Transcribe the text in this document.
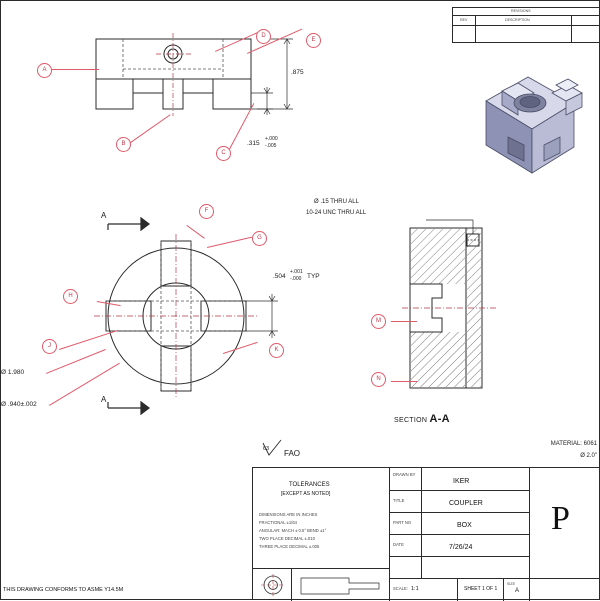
REVISIONS
REV	DESCRIPTION
.875
.315
+.000
-.005
A
B
C
D
E
A
A
.504
+.001
-.000 TYP
Ø 1.980
Ø .940±.002
F
G
H
J
K
Ø .15 THRU ALL
10-24 UNC THRU ALL
M
N
SECTION A-A
63	FAO
MATERIAL: 6061
Ø 2.0"
THIS DRAWING CONFORMS TO ASME Y14.5M
TOLERANCES
[EXCEPT AS NOTED]
DIMENSIONS ARE IN INCHES
FRACTIONAL ±1/64
ANGULAR: MACH ± 0.5° BEND ±1°
TWO PLACE DECIMAL ±.010
THREE PLACE DECIMAL ±.005
DRAWN BY
IKER
TITLE	COUPLER
PART NO	BOX
DATE	7/26/24
SCALE: 1:1	SHEET 1 OF 1
SIZE
A
P
